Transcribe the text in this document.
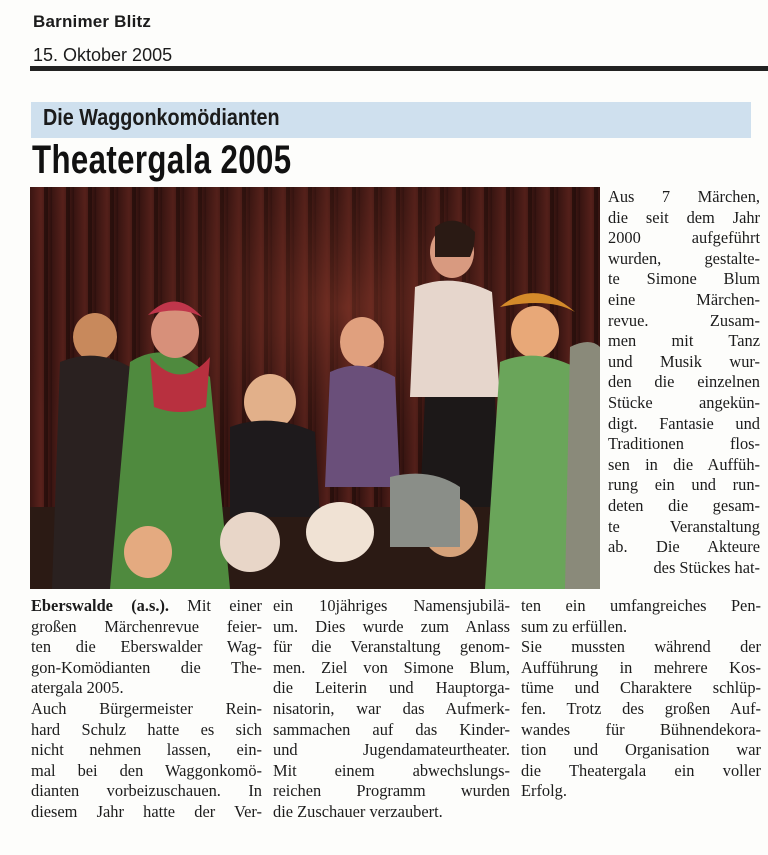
Barnimer Blitz

15. Oktober 2005

Die Waggonkomödianten
Theatergala 2005
Aus 7 Märchen,
die seit dem Jahr
2000 aufgeführt
wurden, gestalte-
te Simone Blum
eine Märchen-
revue. Zusam-
men mit Tanz
und Musik wur-
den die einzelnen
Stücke angekün-
digt. Fantasie und
Traditionen flos-
sen in die Auffüh-
rung ein und run-
deten die gesam-
te Veranstaltung
ab. Die Akteure
des Stückes hat-
Eberswalde (a.s.). Mit einer
großen Märchenrevue feier-
ten die Eberswalder Wag-
gon-Komödianten die The-
atergala 2005.
Auch Bürgermeister Rein-
hard Schulz hatte es sich
nicht nehmen lassen, ein-
mal bei den Waggonkomö-
dianten vorbeizuschauen. In
diesem Jahr hatte der Ver-
ein 10jähriges Namensjubilä-
um. Dies wurde zum Anlass
für die Veranstaltung genom-
men. Ziel von Simone Blum,
die Leiterin und Hauptorga-
nisatorin, war das Aufmerk-
sammachen auf das Kinder-
und Jugendamateurtheater.
Mit einem abwechslungs-
reichen Programm wurden
die Zuschauer verzaubert.
ten ein umfangreiches Pen-
sum zu erfüllen.
Sie mussten während der
Aufführung in mehrere Kos-
tüme und Charaktere schlüp-
fen. Trotz des großen Auf-
wandes für Bühnendekora-
tion und Organisation war
die Theatergala ein voller
Erfolg.
